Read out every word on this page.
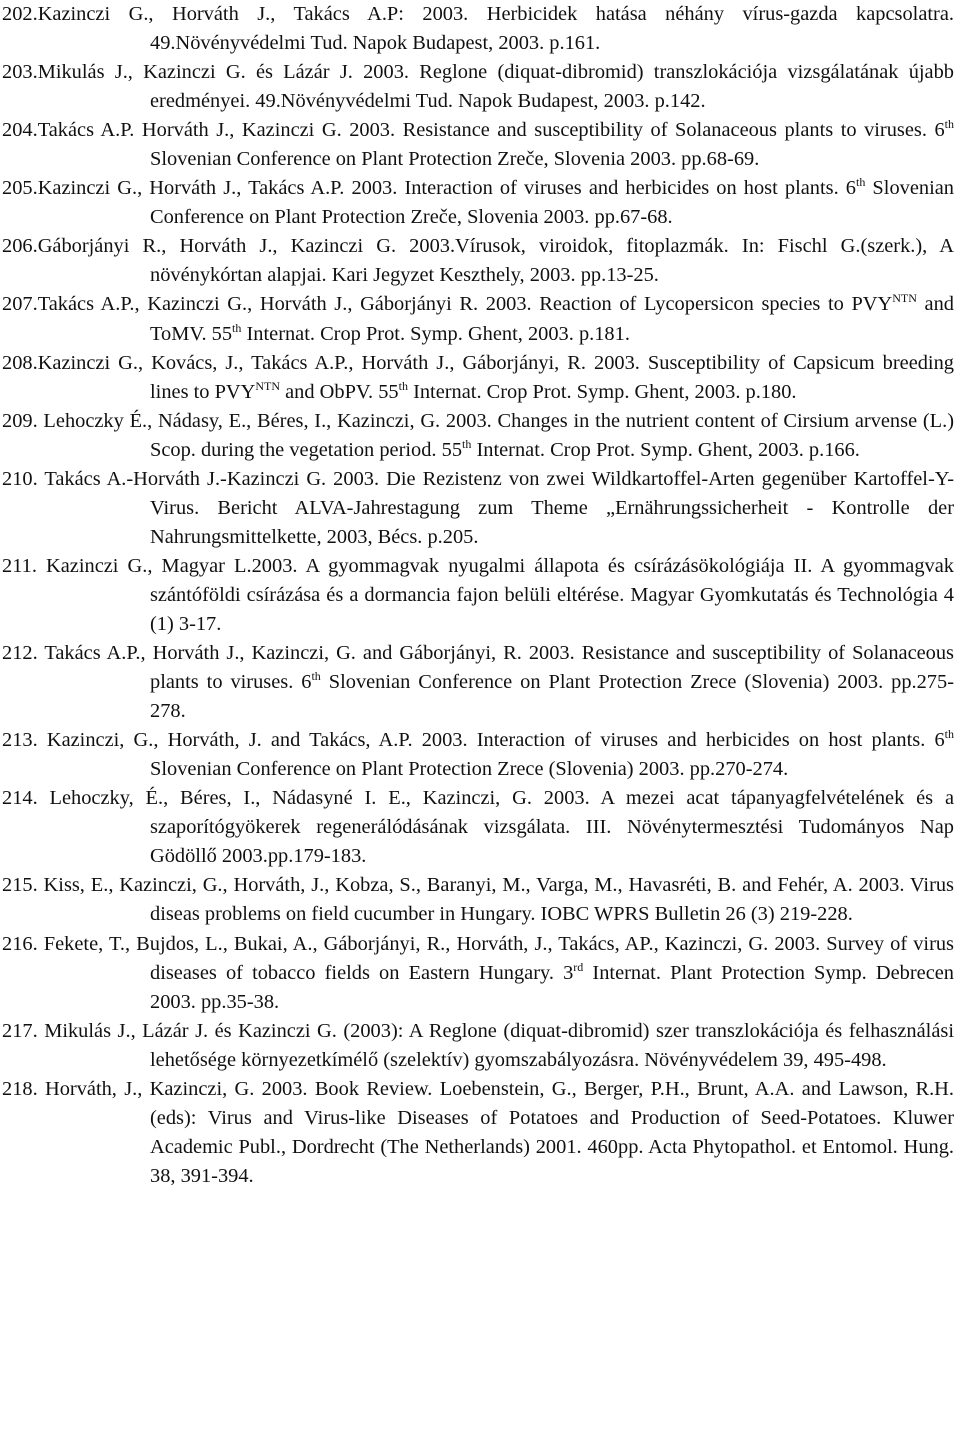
202.Kazinczi G., Horváth J., Takács A.P: 2003. Herbicidek hatása néhány vírus-gazda kapcsolatra. 49.Növényvédelmi Tud. Napok Budapest, 2003. p.161.
203.Mikulás J., Kazinczi G. és Lázár J. 2003. Reglone (diquat-dibromid) transzlokációja vizsgálatának újabb eredményei. 49.Növényvédelmi Tud. Napok Budapest, 2003. p.142.
204.Takács A.P. Horváth J., Kazinczi G. 2003. Resistance and susceptibility of Solanaceous plants to viruses. 6th Slovenian Conference on Plant Protection Zreče, Slovenia 2003. pp.68-69.
205.Kazinczi G., Horváth J., Takács A.P. 2003. Interaction of viruses and herbicides on host plants. 6th Slovenian Conference on Plant Protection Zreče, Slovenia 2003. pp.67-68.
206.Gáborjányi R., Horváth J., Kazinczi G. 2003.Vírusok, viroidok, fitoplazmák. In: Fischl G.(szerk.), A növénykórtan alapjai. Kari Jegyzet Keszthely, 2003. pp.13-25.
207.Takács A.P., Kazinczi G., Horváth J., Gáborjányi R. 2003. Reaction of Lycopersicon species to $PVY^{NTN}$ and ToMV. 55th Internat. Crop Prot. Symp. Ghent, 2003. p.181.
208.Kazinczi G., Kovács, J., Takács A.P., Horváth J., Gáborjányi, R. 2003. Susceptibility of Capsicum breeding lines to $PVY^{NTN}$ and ObPV. 55th Internat. Crop Prot. Symp. Ghent, 2003. p.180.
209. Lehoczky É., Nádasy, E., Béres, I., Kazinczi, G. 2003. Changes in the nutrient content of Cirsium arvense (L.) Scop. during the vegetation period. 55th Internat. Crop Prot. Symp. Ghent, 2003. p.166.
210. Takács A.-Horváth J.-Kazinczi G. 2003. Die Rezistenz von zwei Wildkartoffel-Arten gegenüber Kartoffel-Y-Virus. Bericht ALVA-Jahrestagung zum Theme „Ernährungssicherheit - Kontrolle der Nahrungsmittelkette, 2003, Bécs. p.205.
211. Kazinczi G., Magyar L.2003. A gyommagvak nyugalmi állapota és csírázásökológiája II. A gyommagvak szántóföldi csírázása és a dormancia fajon belüli eltérése. Magyar Gyomkutatás és Technológia 4 (1) 3-17.
212. Takács A.P., Horváth J., Kazinczi, G. and Gáborjányi, R. 2003. Resistance and susceptibility of Solanaceous plants to viruses. 6th Slovenian Conference on Plant Protection Zrece (Slovenia) 2003. pp.275-278.
213. Kazinczi, G., Horváth, J. and Takács, A.P. 2003. Interaction of viruses and herbicides on host plants. 6th Slovenian Conference on Plant Protection Zrece (Slovenia) 2003. pp.270-274.
214. Lehoczky, É., Béres, I., Nádasyné I. E., Kazinczi, G. 2003. A mezei acat tápanyagfelvételének és a szaporítógyökerek regenerálódásának vizsgálata. III. Növénytermesztési Tudományos Nap Gödöllő 2003.pp.179-183.
215. Kiss, E., Kazinczi, G., Horváth, J., Kobza, S., Baranyi, M., Varga, M., Havasréti, B. and Fehér, A. 2003. Virus diseas problems on field cucumber in Hungary. IOBC WPRS Bulletin 26 (3) 219-228.
216. Fekete, T., Bujdos, L., Bukai, A., Gáborjányi, R., Horváth, J., Takács, AP., Kazinczi, G. 2003. Survey of virus diseases of tobacco fields on Eastern Hungary. 3rd Internat. Plant Protection Symp. Debrecen 2003. pp.35-38.
217. Mikulás J., Lázár J. és Kazinczi G. (2003): A Reglone (diquat-dibromid) szer transzlokációja és felhasználási lehetősége környezetkímélő (szelektív) gyomszabályozásra. Növényvédelem 39, 495-498.
218. Horváth, J., Kazinczi, G. 2003. Book Review. Loebenstein, G., Berger, P.H., Brunt, A.A. and Lawson, R.H.(eds): Virus and Virus-like Diseases of Potatoes and Production of Seed-Potatoes. Kluwer Academic Publ., Dordrecht (The Netherlands) 2001. 460pp. Acta Phytopathol. et Entomol. Hung. 38, 391-394.
